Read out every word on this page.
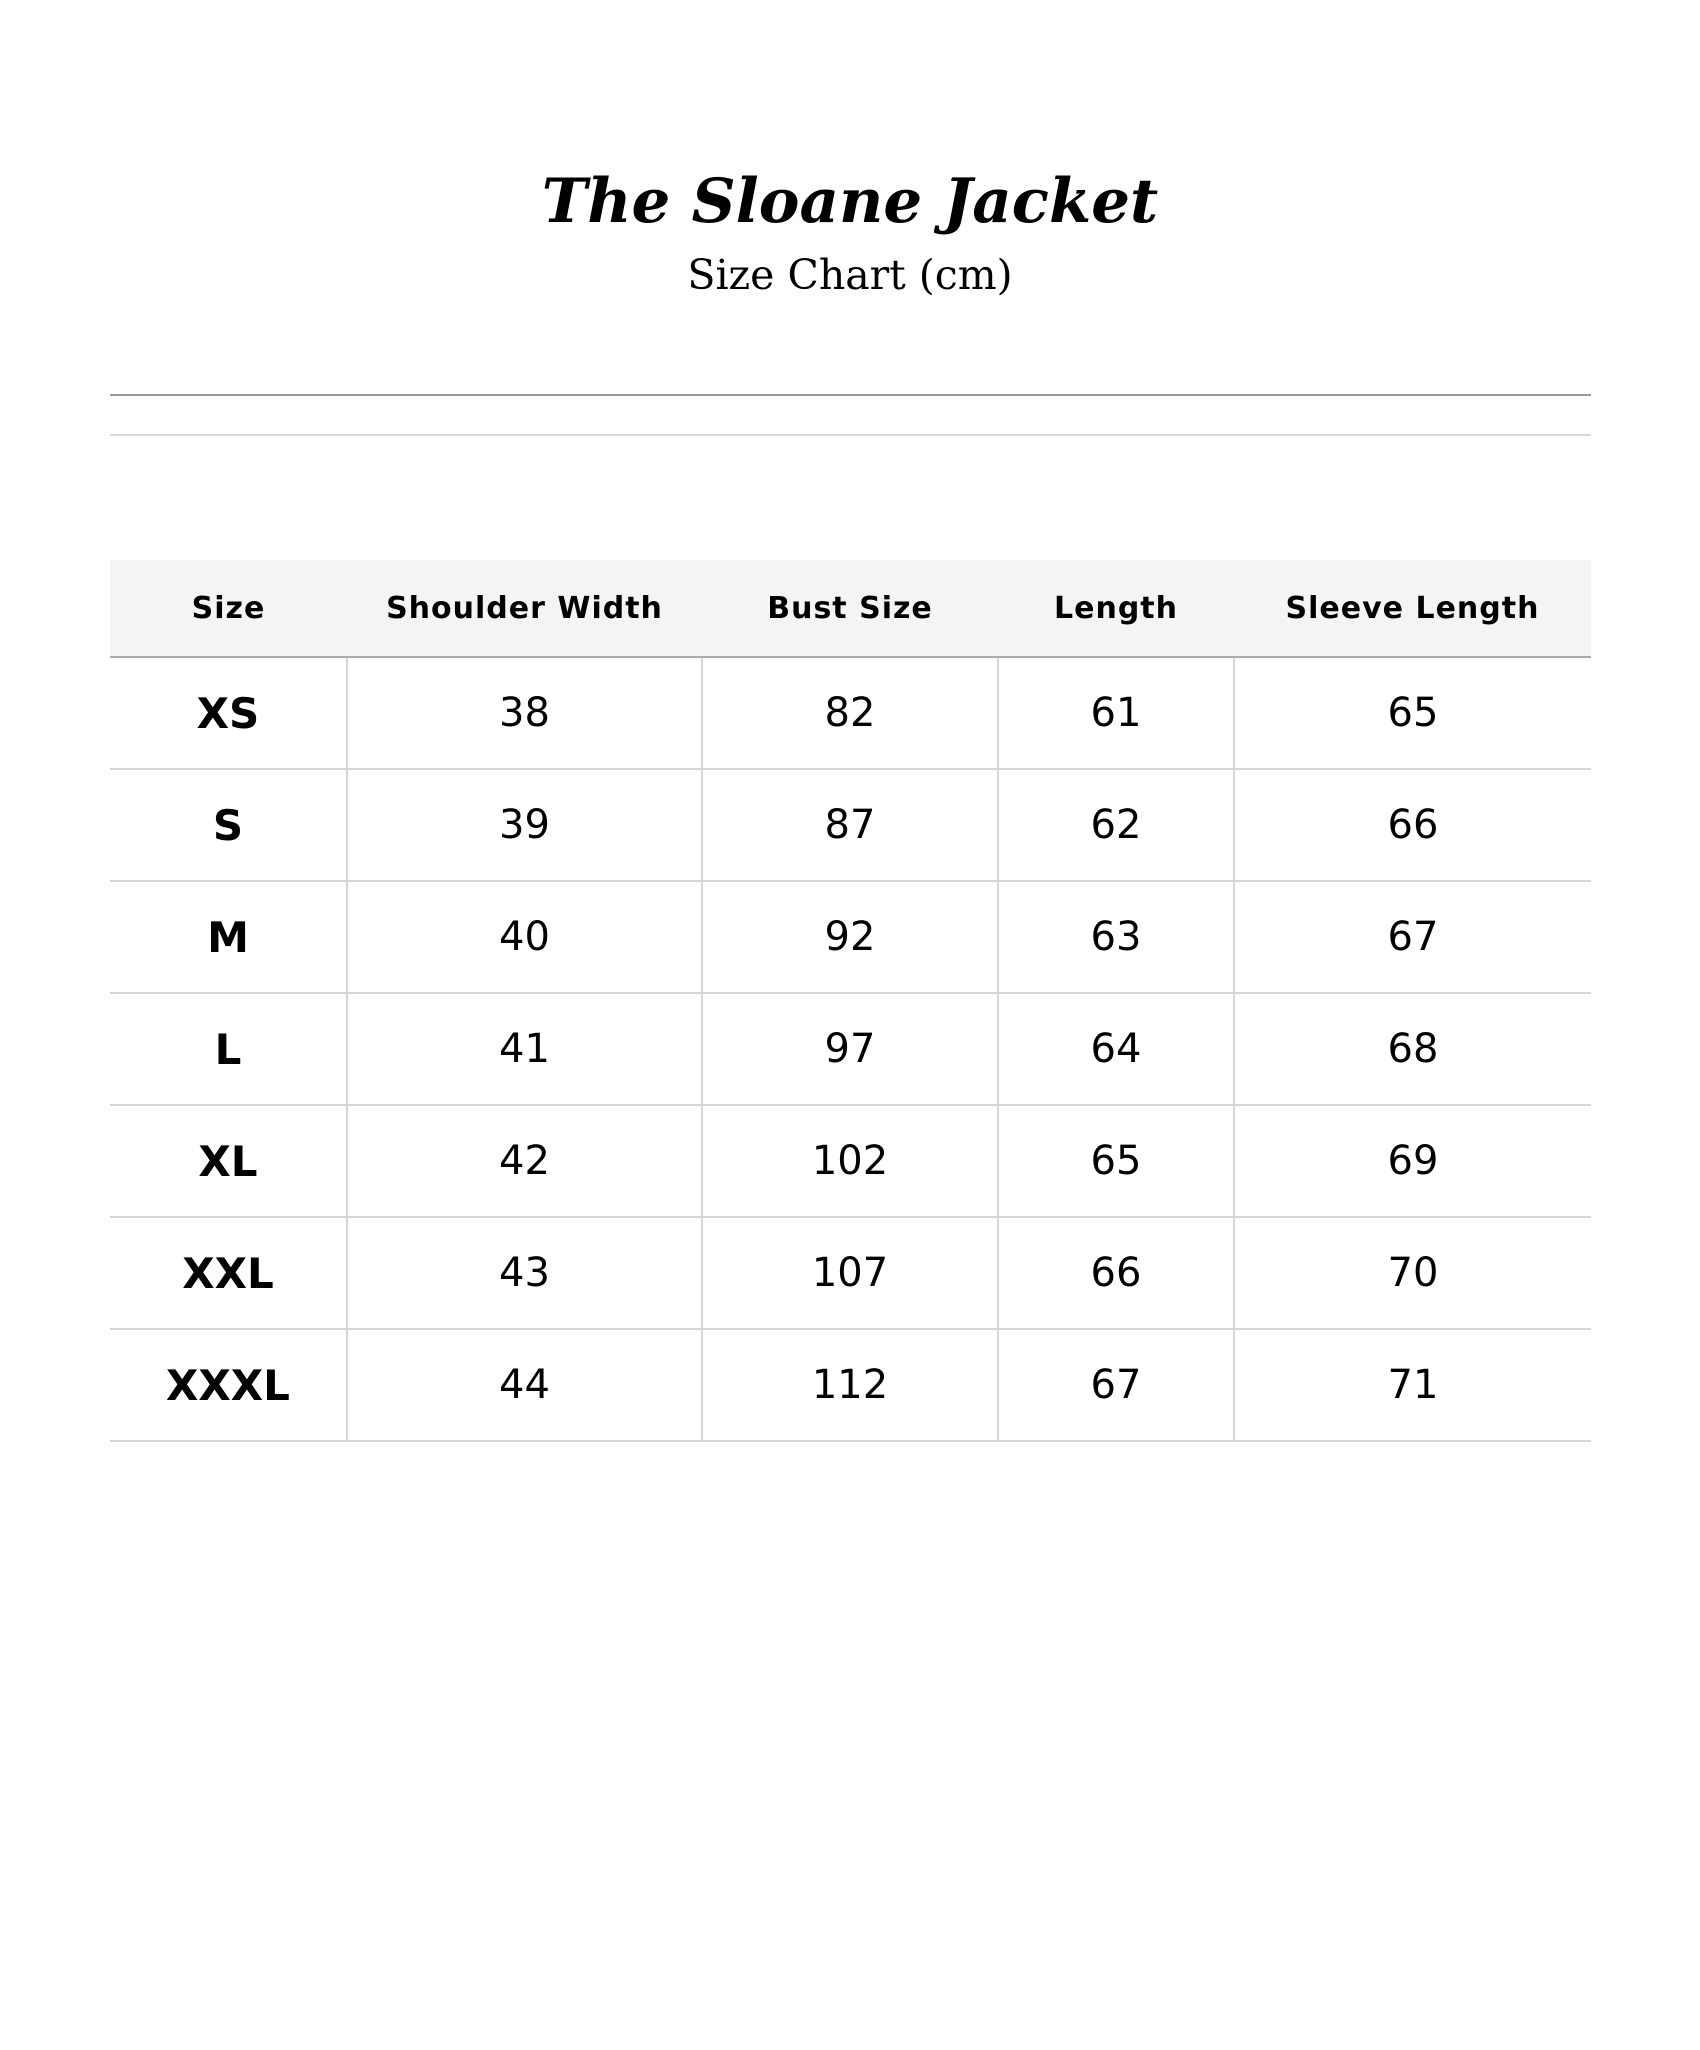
The Sloane Jacket
Size Chart (cm)
Size	Shoulder Width	Bust Size	Length	Sleeve Length
XS	38	82	61	65
S	39	87	62	66
M	40	92	63	67
L	41	97	64	68
XL	42	102	65	69
XXL	43	107	66	70
XXXL	44	112	67	71
